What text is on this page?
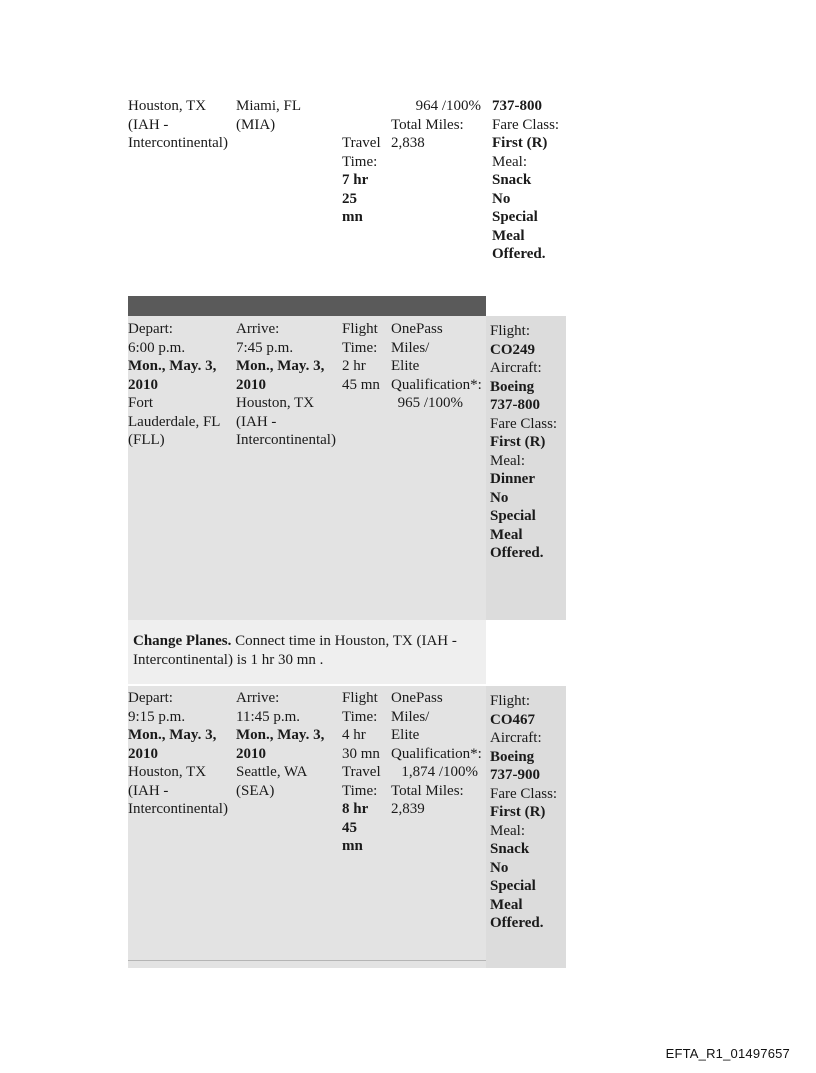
Houston, TX
(IAH -
Intercontinental)
Miami, FL
(MIA)
Travel
Time:
7 hr
25
mn
964 /100%
Total Miles:
2,838
737-800
Fare Class:
First (R)
Meal:
Snack
No
Special
Meal
Offered.
Depart:
6:00 p.m.
Mon., May. 3,
2010
Fort
Lauderdale, FL
(FLL)
Arrive:
7:45 p.m.
Mon., May. 3,
2010
Houston, TX
(IAH -
Intercontinental)
Flight
Time:
2 hr
45 mn
OnePass
Miles/
Elite
Qualification*:
965 /100%
Flight:
CO249
Aircraft:
Boeing
737-800
Fare Class:
First (R)
Meal:
Dinner
No
Special
Meal
Offered.
Change Planes. Connect time in Houston, TX (IAH -
Intercontinental) is 1 hr 30 mn .
Depart:
9:15 p.m.
Mon., May. 3,
2010
Houston, TX
(IAH -
Intercontinental)
Arrive:
11:45 p.m.
Mon., May. 3,
2010
Seattle, WA
(SEA)
Flight
Time:
4 hr
30 mn
Travel
Time:
8 hr
45
mn
OnePass
Miles/
Elite
Qualification*:
1,874 /100%
Total Miles:
2,839
Flight:
CO467
Aircraft:
Boeing
737-900
Fare Class:
First (R)
Meal:
Snack
No
Special
Meal
Offered.
EFTA_R1_01497657
